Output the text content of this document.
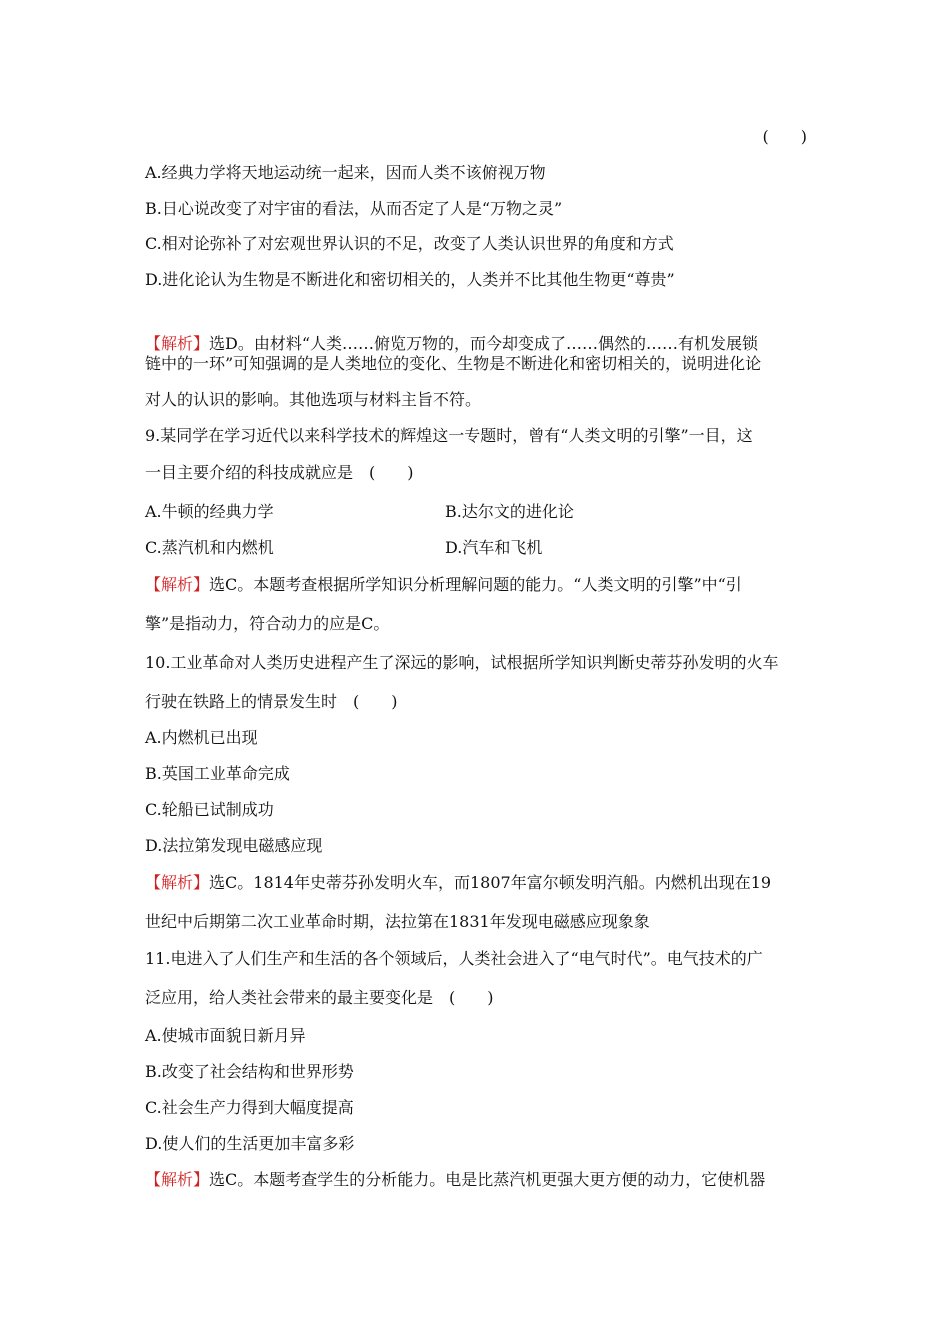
(　　)
A.经典力学将天地运动统一起来，因而人类不该俯视万物
B.日心说改变了对宇宙的看法，从而否定了人是“万物之灵”
C.相对论弥补了对宏观世界认识的不足，改变了人类认识世界的角度和方式
D.进化论认为生物是不断进化和密切相关的，人类并不比其他生物更“尊贵”
【解析】选D。由材料“人类……俯览万物的，而今却变成了……偶然的……有机发展锁
链中的一环”可知强调的是人类地位的变化、生物是不断进化和密切相关的，说明进化论
对人的认识的影响。其他选项与材料主旨不符。
9.某同学在学习近代以来科学技术的辉煌这一专题时，曾有“人类文明的引擎”一目，这
一目主要介绍的科技成就应是　(　　)
A.牛顿的经典力学	B.达尔文的进化论
C.蒸汽机和内燃机	D.汽车和飞机
【解析】选C。本题考查根据所学知识分析理解问题的能力。“人类文明的引擎”中“引
擎”是指动力，符合动力的应是C。
10.工业革命对人类历史进程产生了深远的影响，试根据所学知识判断史蒂芬孙发明的火车
行驶在铁路上的情景发生时　(　　)
A.内燃机已出现
B.英国工业革命完成
C.轮船已试制成功
D.法拉第发现电磁感应现
【解析】选C。1814年史蒂芬孙发明火车，而1807年富尔顿发明汽船。内燃机出现在19
世纪中后期第二次工业革命时期，法拉第在1831年发现电磁感应现象象
11.电进入了人们生产和生活的各个领域后，人类社会进入了“电气时代”。电气技术的广
泛应用，给人类社会带来的最主要变化是　(　　)
A.使城市面貌日新月异
B.改变了社会结构和世界形势
C.社会生产力得到大幅度提高
D.使人们的生活更加丰富多彩
【解析】选C。本题考查学生的分析能力。电是比蒸汽机更强大更方便的动力，它使机器
